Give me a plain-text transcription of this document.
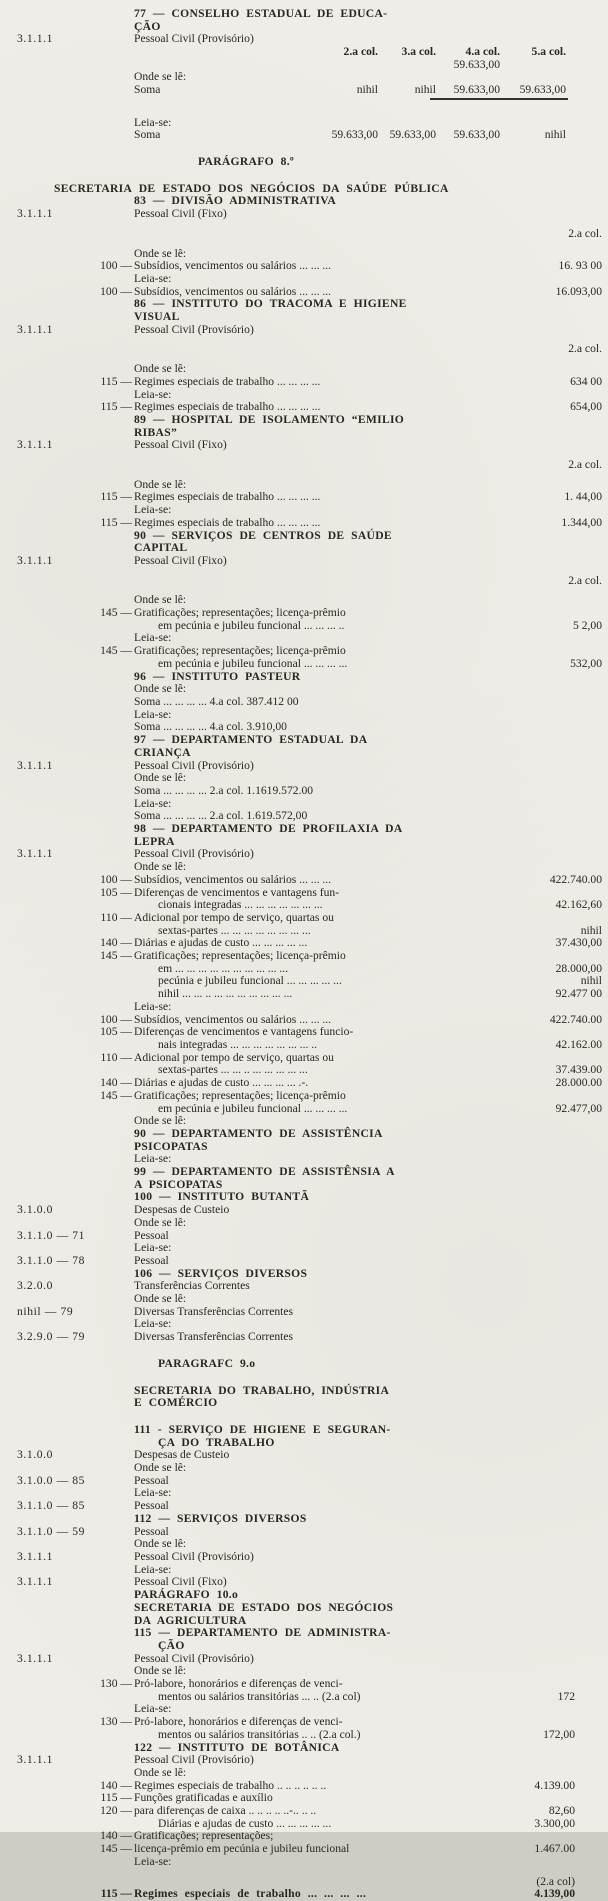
77 — CONSELHO ESTADUAL DE EDUCA-
ÇÃO
3.1.1.1	Pessoal Civil (Provisório)
2.a col.	3.a col.	4.a col.	5.a col.
59.633,00
Onde se lê:
Soma	nihil	nihil	59.633,00	59.633,00
Leia-se:
Soma	59.633,00	59.633,00	59.633,00	nihil
PARÁGRAFO 8.º
SECRETARIA DE ESTADO DOS NEGÓCIOS DA SAÚDE PÚBLICA
83 — DIVISÃO ADMINISTRATIVA
3.1.1.1	Pessoal Civil (Fixo)
2.a col.
Onde se lê:
100 — Subsídios, vencimentos ou salários ... ... ...	16. 93 00
Leia-se:
100 — Subsídios, vencimentos ou salários ... ... ...	16.093,00
86 — INSTITUTO DO TRACOMA E HIGIENE
VISUAL
3.1.1.1	Pessoal Civil (Provisório)
2.a col.
Onde se lê:
115 — Regimes especiais de trabalho ... ... ... ...	634 00
Leia-se:
115 — Regimes especiais de trabalho ... ... ... ...	654,00
89 — HOSPITAL DE ISOLAMENTO “EMILIO
RIBAS”
3.1.1.1	Pessoal Civil (Fixo)
2.a col.
Onde se lê:
115 — Regimes especiais de trabalho ... ... ... ...	1. 44,00
Leia-se:
115 — Regimes especiais de trabalho ... ... ... ...	1.344,00
90 — SERVIÇOS DE CENTROS DE SAÚDE
CAPITAL
3.1.1.1	Pessoal Civil (Fixo)
2.a col.
Onde se lê:
145 — Gratificações; representações; licença-prêmio
em pecúnia e jubileu funcional ... ... ... ..	5 2,00
Leia-se:
145 — Gratificações; representações; licença-prêmio
em pecúnia e jubileu funcional ... ... ... ...	532,00
96 — INSTITUTO PASTEUR
Onde se lê:
Soma ... ... ... ... 4.a col. 387.412 00
Leia-se:
Soma ... ... ... ... 4.a col. 3.910,00
97 — DEPARTAMENTO ESTADUAL DA
CRIANÇA
3.1.1.1	Pessoal Civil (Provisório)
Onde se lê:
Soma ... ... ... ... 2.a col. 1.1619.572.00
Leia-se:
Soma ... ... ... ... 2.a col. 1.619.572,00
98 — DEPARTAMENTO DE PROFILAXIA DA
LEPRA
3.1.1.1	Pessoal Civil (Provisório)
Onde se lê:
100 — Subsídios, vencimentos ou salários ... ... ...	422.740.00
105 — Diferenças de vencimentos e vantagens fun-
cionais integradas ... ... ... ... ... ... ...	42.162,60
110 — Adicional por tempo de serviço, quartas ou
sextas-partes ... ... ... ... ... ... ... ...	nihil
140 — Diárias e ajudas de custo ... ... ... ... ...	37.430,00
145 — Gratificações; representações; licença-prêmio
em ... ... ... ... ... ... ... ... ... ...	28.000,00
pecúnia e jubileu funcional ... ... ... ... ...	nihil
nihil ... ... .. ... ... ... ... ... ... ...	92.477 00
Leia-se:
100 — Subsídios, vencimentos ou salários ... ... ...	422.740.00
105 — Diferenças de vencimentos e vantagens funcio-
nais integradas ... ... ... ... ... ... ... ..	42.162.00
110 — Adicional por tempo de serviço, quartas ou
sextas-partes ... ... .. ... ... ... ... ...	37.439.00
140 — Diárias e ajudas de custo ... ... ... ... .-.	28.000.00
145 — Gratificações; representações; licença-prêmio
em pecúnia e jubileu funcional ... ... ... ...	92.477,00
Onde se lê:
90 — DEPARTAMENTO DE ASSISTÊNCIA
PSICOPATAS
Leia-se:
99 — DEPARTAMENTO DE ASSISTÊNSIA A
A PSICOPATAS
100 — INSTITUTO BUTANTÃ
3.1.0.0	Despesas de Custeio
Onde se lê:
3.1.1.0 — 71	Pessoal
Leia-se:
3.1.1.0 — 78	Pessoal
106 — SERVIÇOS DIVERSOS
3.2.0.0	Transferências Correntes
Onde se lê:
nihil — 79	Diversas Transferências Correntes
Leia-se:
3.2.9.0 — 79	Diversas Transferências Correntes
PARAGRAFC 9.o
SECRETARIA DO TRABALHO, INDÚSTRIA
E COMÉRCIO
111 - SERVIÇO DE HIGIENE E SEGURAN-
ÇA DO TRABALHO
3.1.0.0	Despesas de Custeio
Onde se lê:
3.1.0.0 — 85	Pessoal
Leia-se:
3.1.1.0 — 85	Pessoal
112 — SERVIÇOS DIVERSOS
3.1.1.0 — 59	Pessoal
Onde se lê:
3.1.1.1	Pessoal Civil (Provisório)
Leia-se:
3.1.1.1	Pessoal Civil (Fixo)
PARÁGRAFO 10.o
SECRETARIA DE ESTADO DOS NEGÓCIOS
DA AGRICULTURA
115 — DEPARTAMENTO DE ADMINISTRA-
ÇÃO
3.1.1.1	Pessoal Civil (Provisório)
Onde se lê:
130 — Pró-labore, honorários e diferenças de venci-
mentos ou salários transitórias ... .. (2.a col)	172
Leia-se:
130 — Pró-labore, honorários e diferenças de venci-
mentos ou salários transitórias .. .. (2.a col.)	172,00
122 — INSTITUTO DE BOTÂNICA
3.1.1.1	Pessoal Civil (Provisório)
Onde se lê:
140 — Regimes especiais de trabalho .. .. .. .. .. ..	4.139.00
115 — Funções gratificadas e auxílio
120 — para diferenças de caixa .. .. .. .. ..-.. .. ..	82,60
Diárias e ajudas de custo ... ... ... ... ...	3.300,00
140 — Gratificações; representações;
145 — licença-prêmio em pecúnia e jubileu funcional	1.467.00
Leia-se:
(2.a col)
115 — Regimes especiais de trabalho ... ... ... ...	4.139,00
